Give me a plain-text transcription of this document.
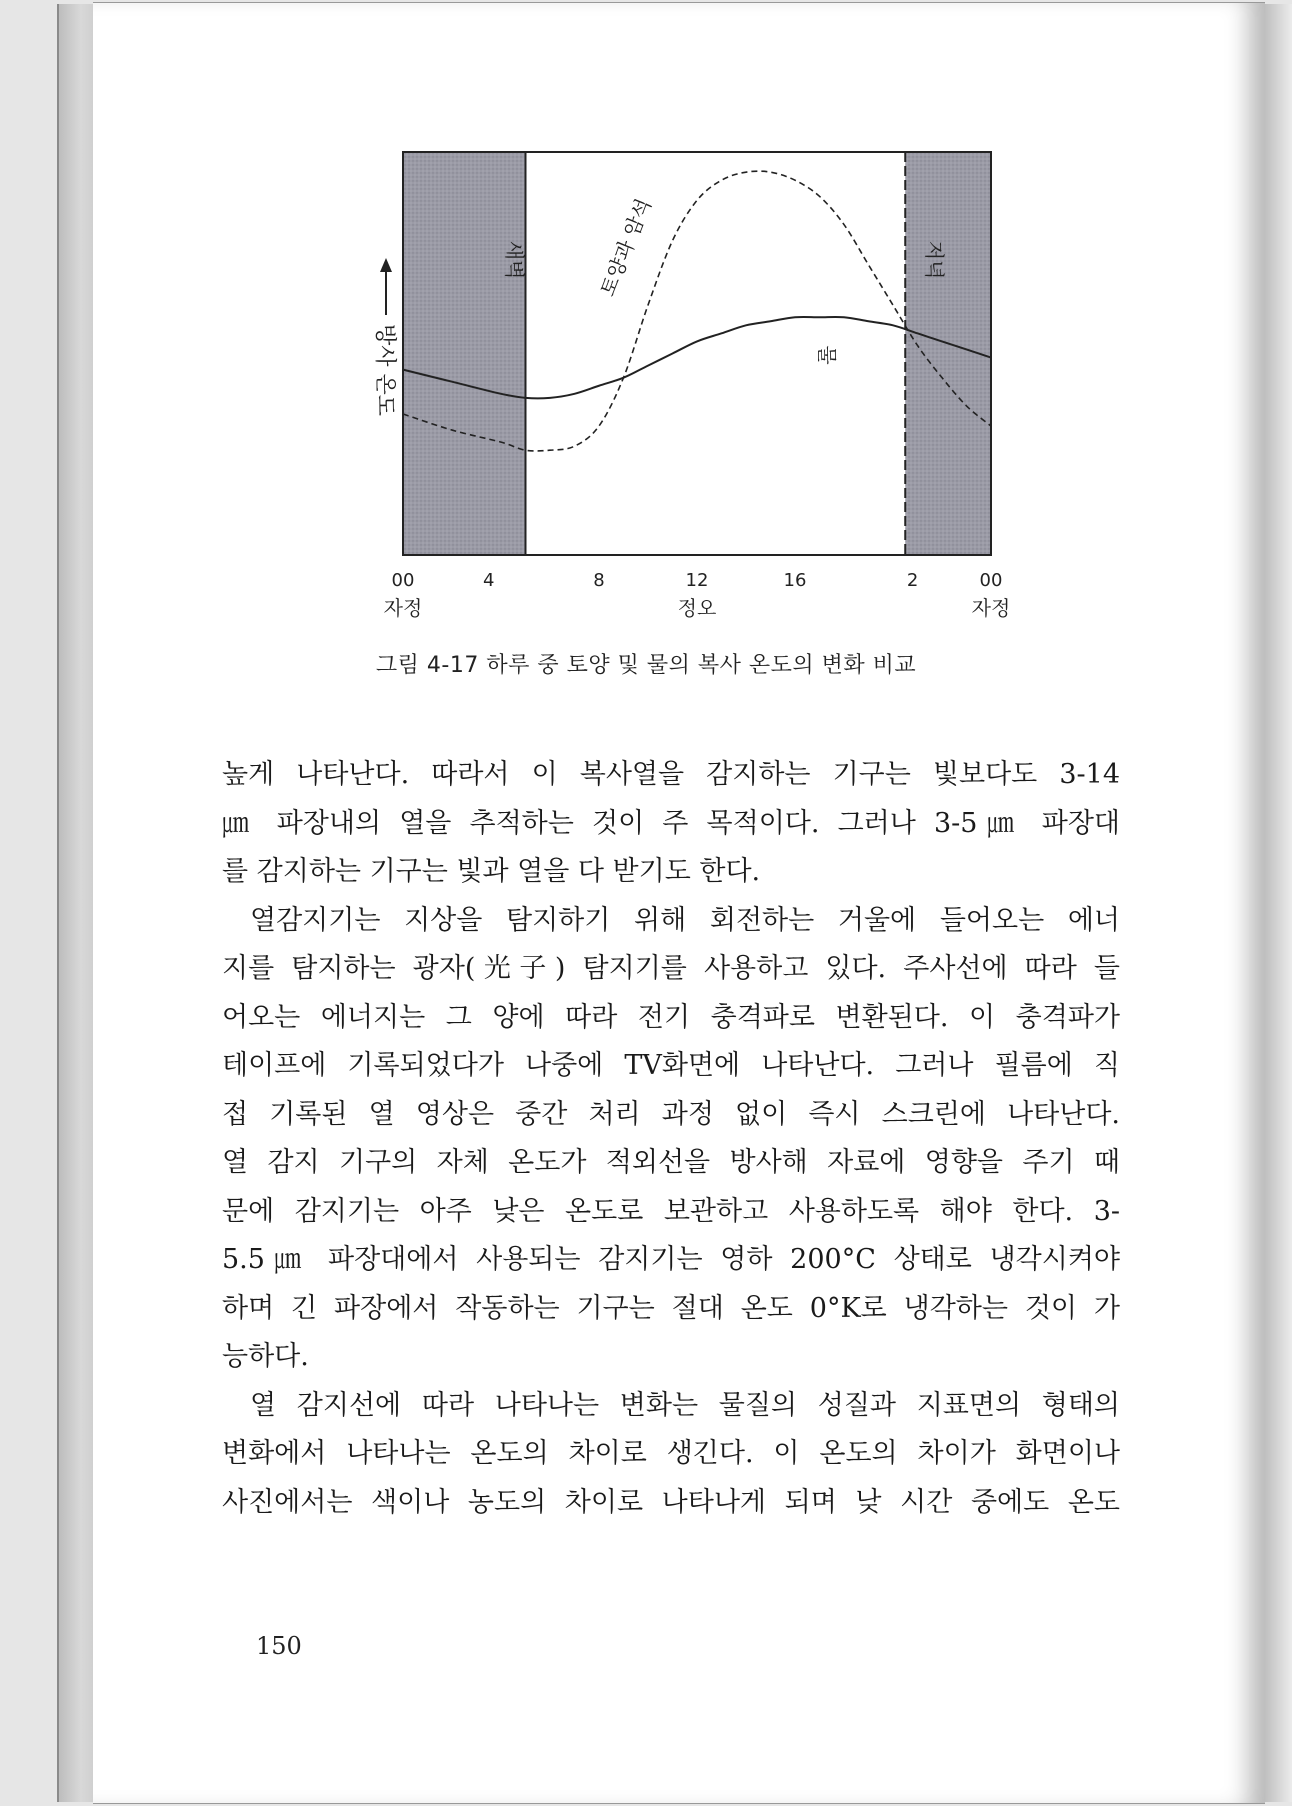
새벽	저녁
00	4	8	12	16	2	00
자정	정오	자정
방사 온도
토양과 암석
물
그림 4-17 하루 중 토양 및 물의 복사 온도의 변화 비교
높게 나타난다. 따라서 이 복사열을 감지하는 기구는 빛보다도 3-14
㎛ 파장내의 열을 추적하는 것이 주 목적이다. 그러나 3-5㎛ 파장대
를 감지하는 기구는 빛과 열을 다 받기도 한다.
열감지기는 지상을 탐지하기 위해 회전하는 거울에 들어오는 에너
지를 탐지하는 광자(光子) 탐지기를 사용하고 있다. 주사선에 따라 들
어오는 에너지는 그 양에 따라 전기 충격파로 변환된다. 이 충격파가
테이프에 기록되었다가 나중에 TV화면에 나타난다. 그러나 필름에 직
접 기록된 열 영상은 중간 처리 과정 없이 즉시 스크린에 나타난다.
열 감지 기구의 자체 온도가 적외선을 방사해 자료에 영향을 주기 때
문에 감지기는 아주 낮은 온도로 보관하고 사용하도록 해야 한다. 3-
5.5㎛ 파장대에서 사용되는 감지기는 영하 200°C 상태로 냉각시켜야
하며 긴 파장에서 작동하는 기구는 절대 온도 0°K로 냉각하는 것이 가
능하다.
열 감지선에 따라 나타나는 변화는 물질의 성질과 지표면의 형태의
변화에서 나타나는 온도의 차이로 생긴다. 이 온도의 차이가 화면이나
사진에서는 색이나 농도의 차이로 나타나게 되며 낮 시간 중에도 온도
150
